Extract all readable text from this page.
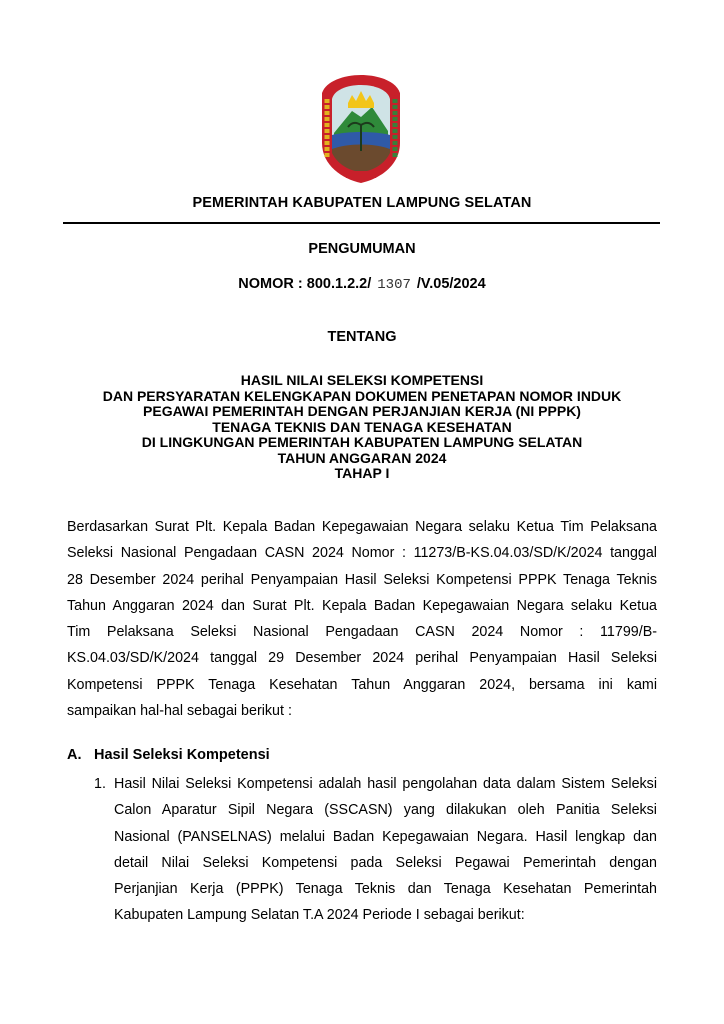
PEMERINTAH KABUPATEN LAMPUNG SELATAN
PENGUMUMAN
NOMOR : 800.1.2.2/ 1307 /V.05/2024
TENTANG
HASIL NILAI SELEKSI KOMPETENSI
DAN PERSYARATAN KELENGKAPAN DOKUMEN PENETAPAN NOMOR INDUK
PEGAWAI PEMERINTAH DENGAN PERJANJIAN KERJA (NI PPPK)
TENAGA TEKNIS DAN TENAGA KESEHATAN
DI LINGKUNGAN PEMERINTAH KABUPATEN LAMPUNG SELATAN
TAHUN ANGGARAN 2024
TAHAP I
Berdasarkan Surat Plt. Kepala Badan Kepegawaian Negara selaku Ketua Tim Pelaksana
Seleksi Nasional Pengadaan CASN 2024 Nomor : 11273/B-KS.04.03/SD/K/2024 tanggal
28 Desember 2024 perihal Penyampaian Hasil Seleksi Kompetensi PPPK Tenaga Teknis
Tahun Anggaran 2024 dan Surat Plt. Kepala Badan Kepegawaian Negara selaku Ketua
Tim Pelaksana Seleksi Nasional Pengadaan CASN 2024 Nomor : 11799/B-
KS.04.03/SD/K/2024 tanggal 29 Desember 2024 perihal Penyampaian Hasil Seleksi
Kompetensi PPPK Tenaga Kesehatan Tahun Anggaran 2024, bersama ini kami
sampaikan hal-hal sebagai berikut :
A. Hasil Seleksi Kompetensi
1. Hasil Nilai Seleksi Kompetensi adalah hasil pengolahan data dalam Sistem Seleksi
Calon Aparatur Sipil Negara (SSCASN) yang dilakukan oleh Panitia Seleksi
Nasional (PANSELNAS) melalui Badan Kepegawaian Negara. Hasil lengkap dan
detail Nilai Seleksi Kompetensi pada Seleksi Pegawai Pemerintah dengan
Perjanjian Kerja (PPPK) Tenaga Teknis dan Tenaga Kesehatan Pemerintah
Kabupaten Lampung Selatan T.A 2024 Periode I sebagai berikut:
